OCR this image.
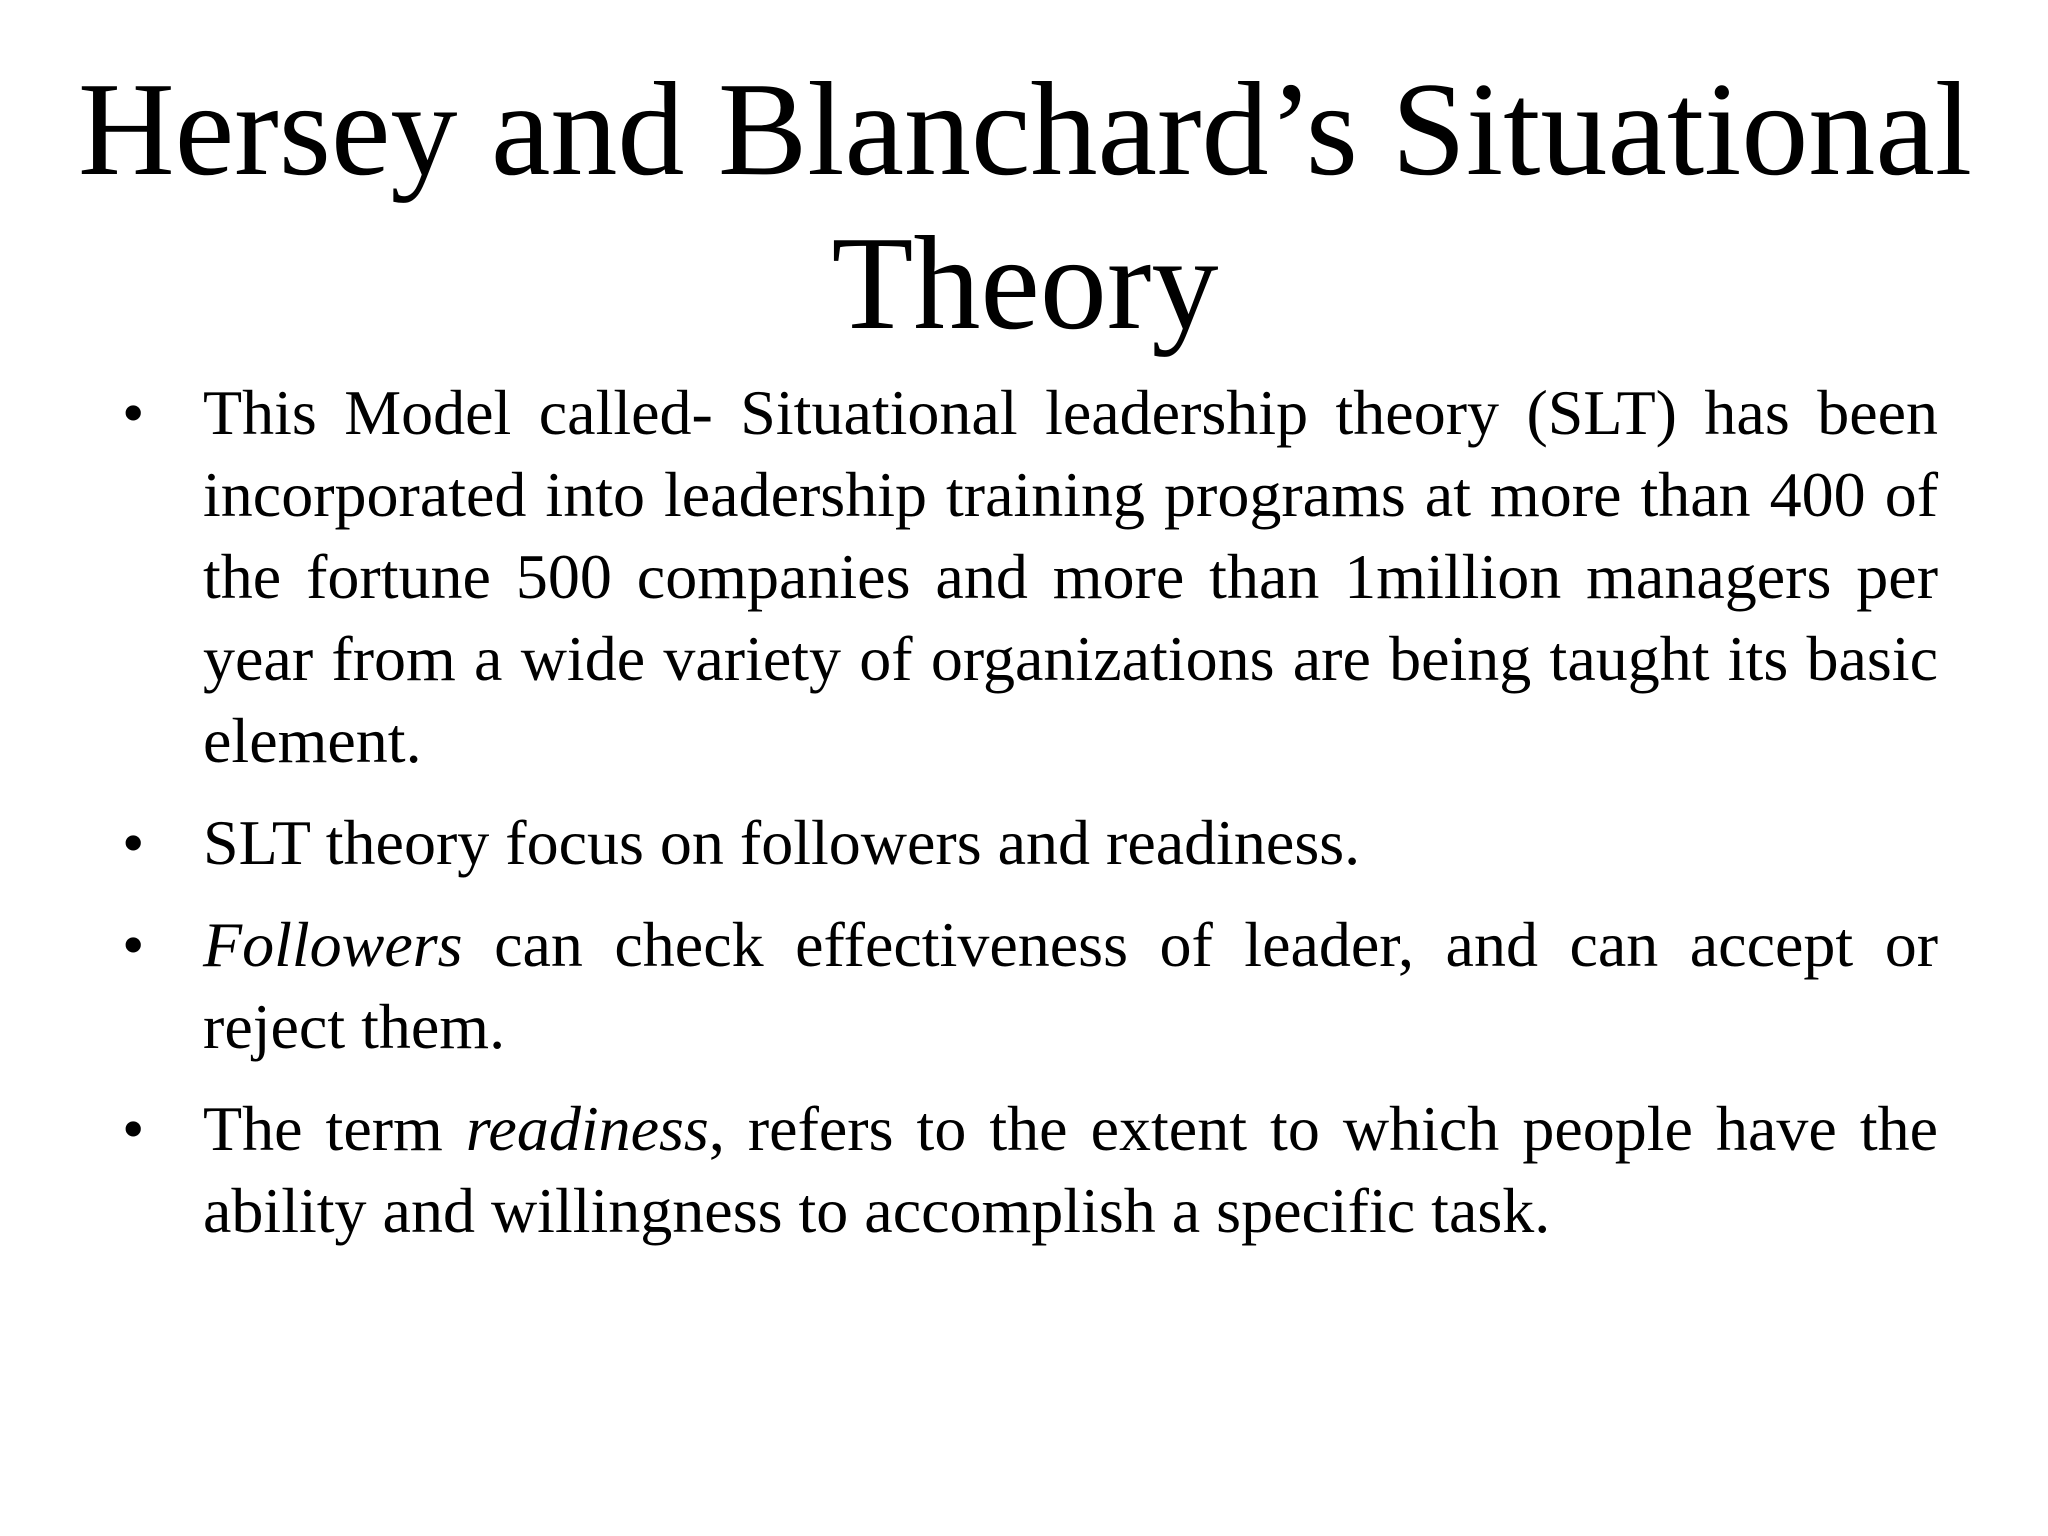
Hersey and Blanchard’s Situational
Theory
• This Model called- Situational leadership theory (SLT) has been incorporated into leadership training programs at more than 400 of the fortune 500 companies and more than 1million managers per year from a wide variety of organizations are being taught its basic element.
• SLT theory focus on followers and readiness.
• Followers can check effectiveness of leader, and can accept or reject them.
• The term readiness, refers to the extent to which people have the ability and willingness to accomplish a specific task.
